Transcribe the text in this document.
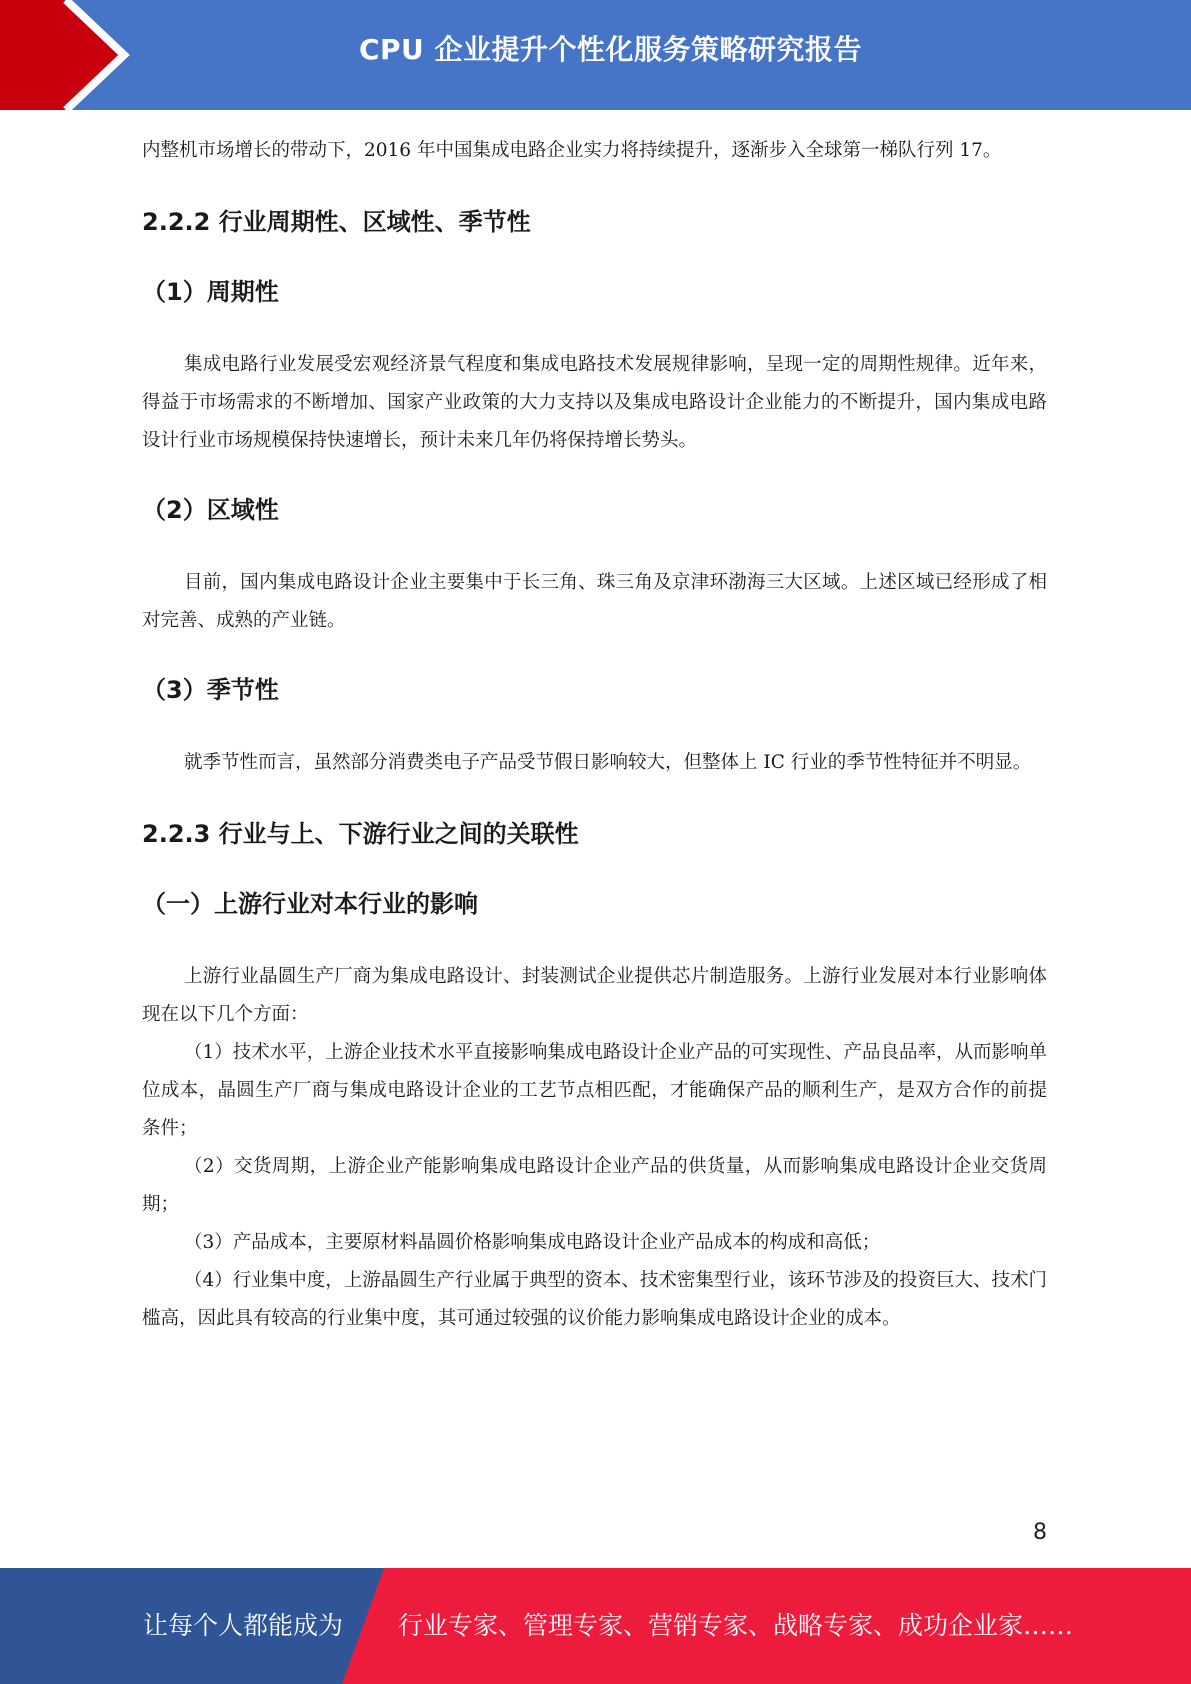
CPU 企业提升个性化服务策略研究报告

内整机市场增长的带动下，2016 年中国集成电路企业实力将持续提升，逐渐步入全球第一梯队行列 17。

2.2.2 行业周期性、区域性、季节性
（1）周期性

集成电路行业发展受宏观经济景气程度和集成电路技术发展规律影响，呈现一定的周期性规律。近年来，得益于市场需求的不断增加、国家产业政策的大力支持以及集成电路设计企业能力的不断提升，国内集成电路设计行业市场规模保持快速增长，预计未来几年仍将保持增长势头。

（2）区域性

目前，国内集成电路设计企业主要集中于长三角、珠三角及京津环渤海三大区域。上述区域已经形成了相对完善、成熟的产业链。

（3）季节性

就季节性而言，虽然部分消费类电子产品受节假日影响较大，但整体上 IC 行业的季节性特征并不明显。

2.2.3 行业与上、下游行业之间的关联性
（一）上游行业对本行业的影响

上游行业晶圆生产厂商为集成电路设计、封装测试企业提供芯片制造服务。上游行业发展对本行业影响体现在以下几个方面：

（1）技术水平，上游企业技术水平直接影响集成电路设计企业产品的可实现性、产品良品率，从而影响单位成本，晶圆生产厂商与集成电路设计企业的工艺节点相匹配，才能确保产品的顺利生产，是双方合作的前提条件；

（2）交货周期，上游企业产能影响集成电路设计企业产品的供货量，从而影响集成电路设计企业交货周期；

（3）产品成本，主要原材料晶圆价格影响集成电路设计企业产品成本的构成和高低；

（4）行业集中度，上游晶圆生产行业属于典型的资本、技术密集型行业，该环节涉及的投资巨大、技术门槛高，因此具有较高的行业集中度，其可通过较强的议价能力影响集成电路设计企业的成本。

8
让每个人都能成为 行业专家、管理专家、营销专家、战略专家、成功企业家……
